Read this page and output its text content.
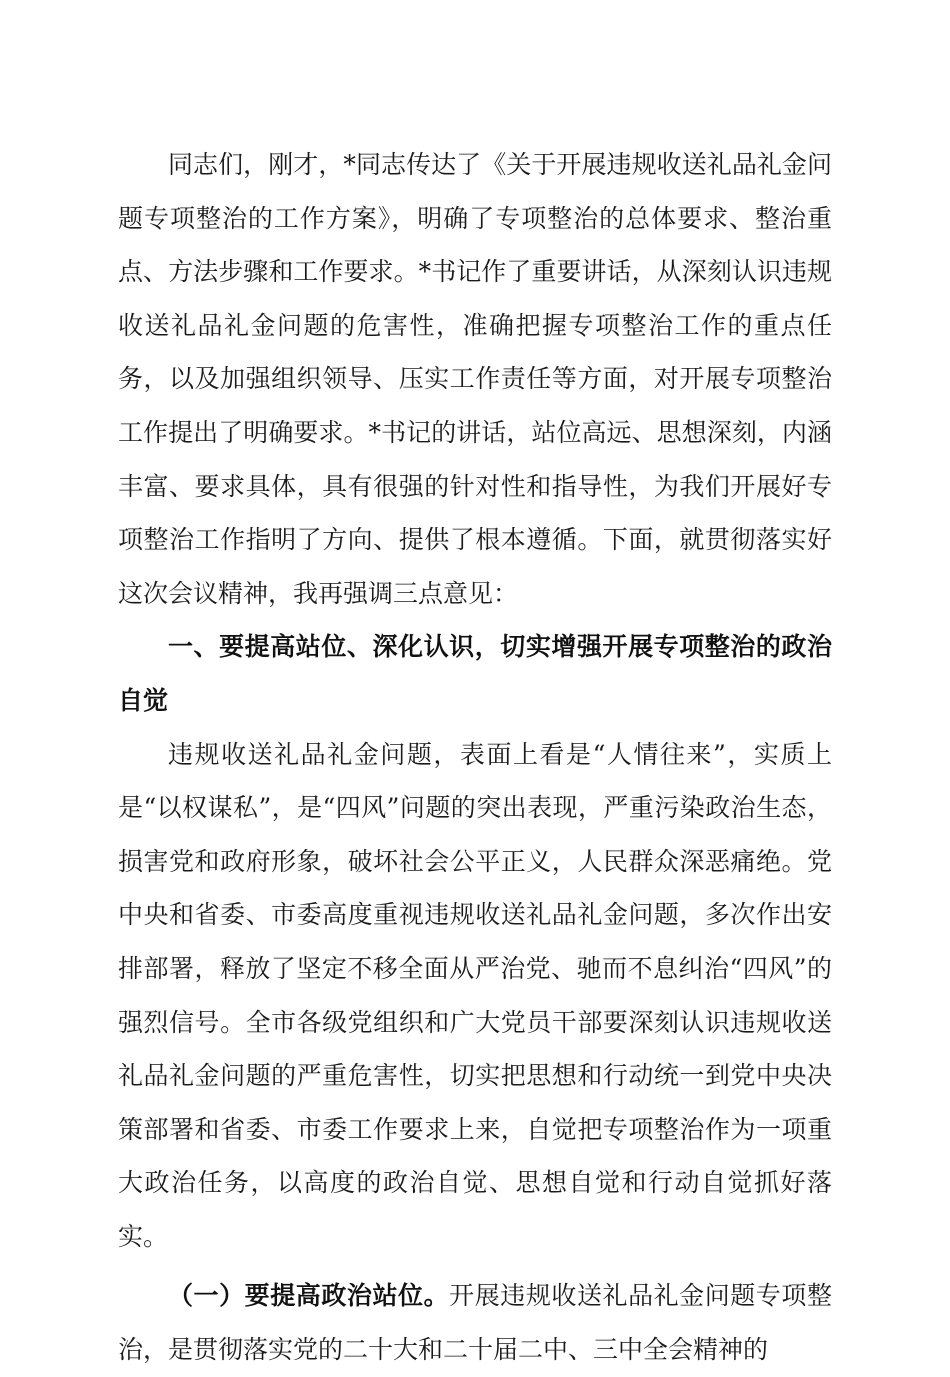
同志们，刚才，*同志传达了《关于开展违规收送礼品礼金问题专项整治的工作方案》，明确了专项整治的总体要求、整治重点、方法步骤和工作要求。*书记作了重要讲话，从深刻认识违规收送礼品礼金问题的危害性，准确把握专项整治工作的重点任务，以及加强组织领导、压实工作责任等方面，对开展专项整治工作提出了明确要求。*书记的讲话，站位高远、思想深刻，内涵丰富、要求具体，具有很强的针对性和指导性，为我们开展好专项整治工作指明了方向、提供了根本遵循。下面，就贯彻落实好这次会议精神，我再强调三点意见：

一、要提高站位、深化认识，切实增强开展专项整治的政治自觉

违规收送礼品礼金问题，表面上看是“人情往来”，实质上是“以权谋私”，是“四风”问题的突出表现，严重污染政治生态，损害党和政府形象，破坏社会公平正义，人民群众深恶痛绝。党中央和省委、市委高度重视违规收送礼品礼金问题，多次作出安排部署，释放了坚定不移全面从严治党、驰而不息纠治“四风”的强烈信号。全市各级党组织和广大党员干部要深刻认识违规收送礼品礼金问题的严重危害性，切实把思想和行动统一到党中央决策部署和省委、市委工作要求上来，自觉把专项整治作为一项重大政治任务，以高度的政治自觉、思想自觉和行动自觉抓好落实。

（一）要提高政治站位。开展违规收送礼品礼金问题专项整治，是贯彻落实党的二十大和二十届二中、三中全会精神的
